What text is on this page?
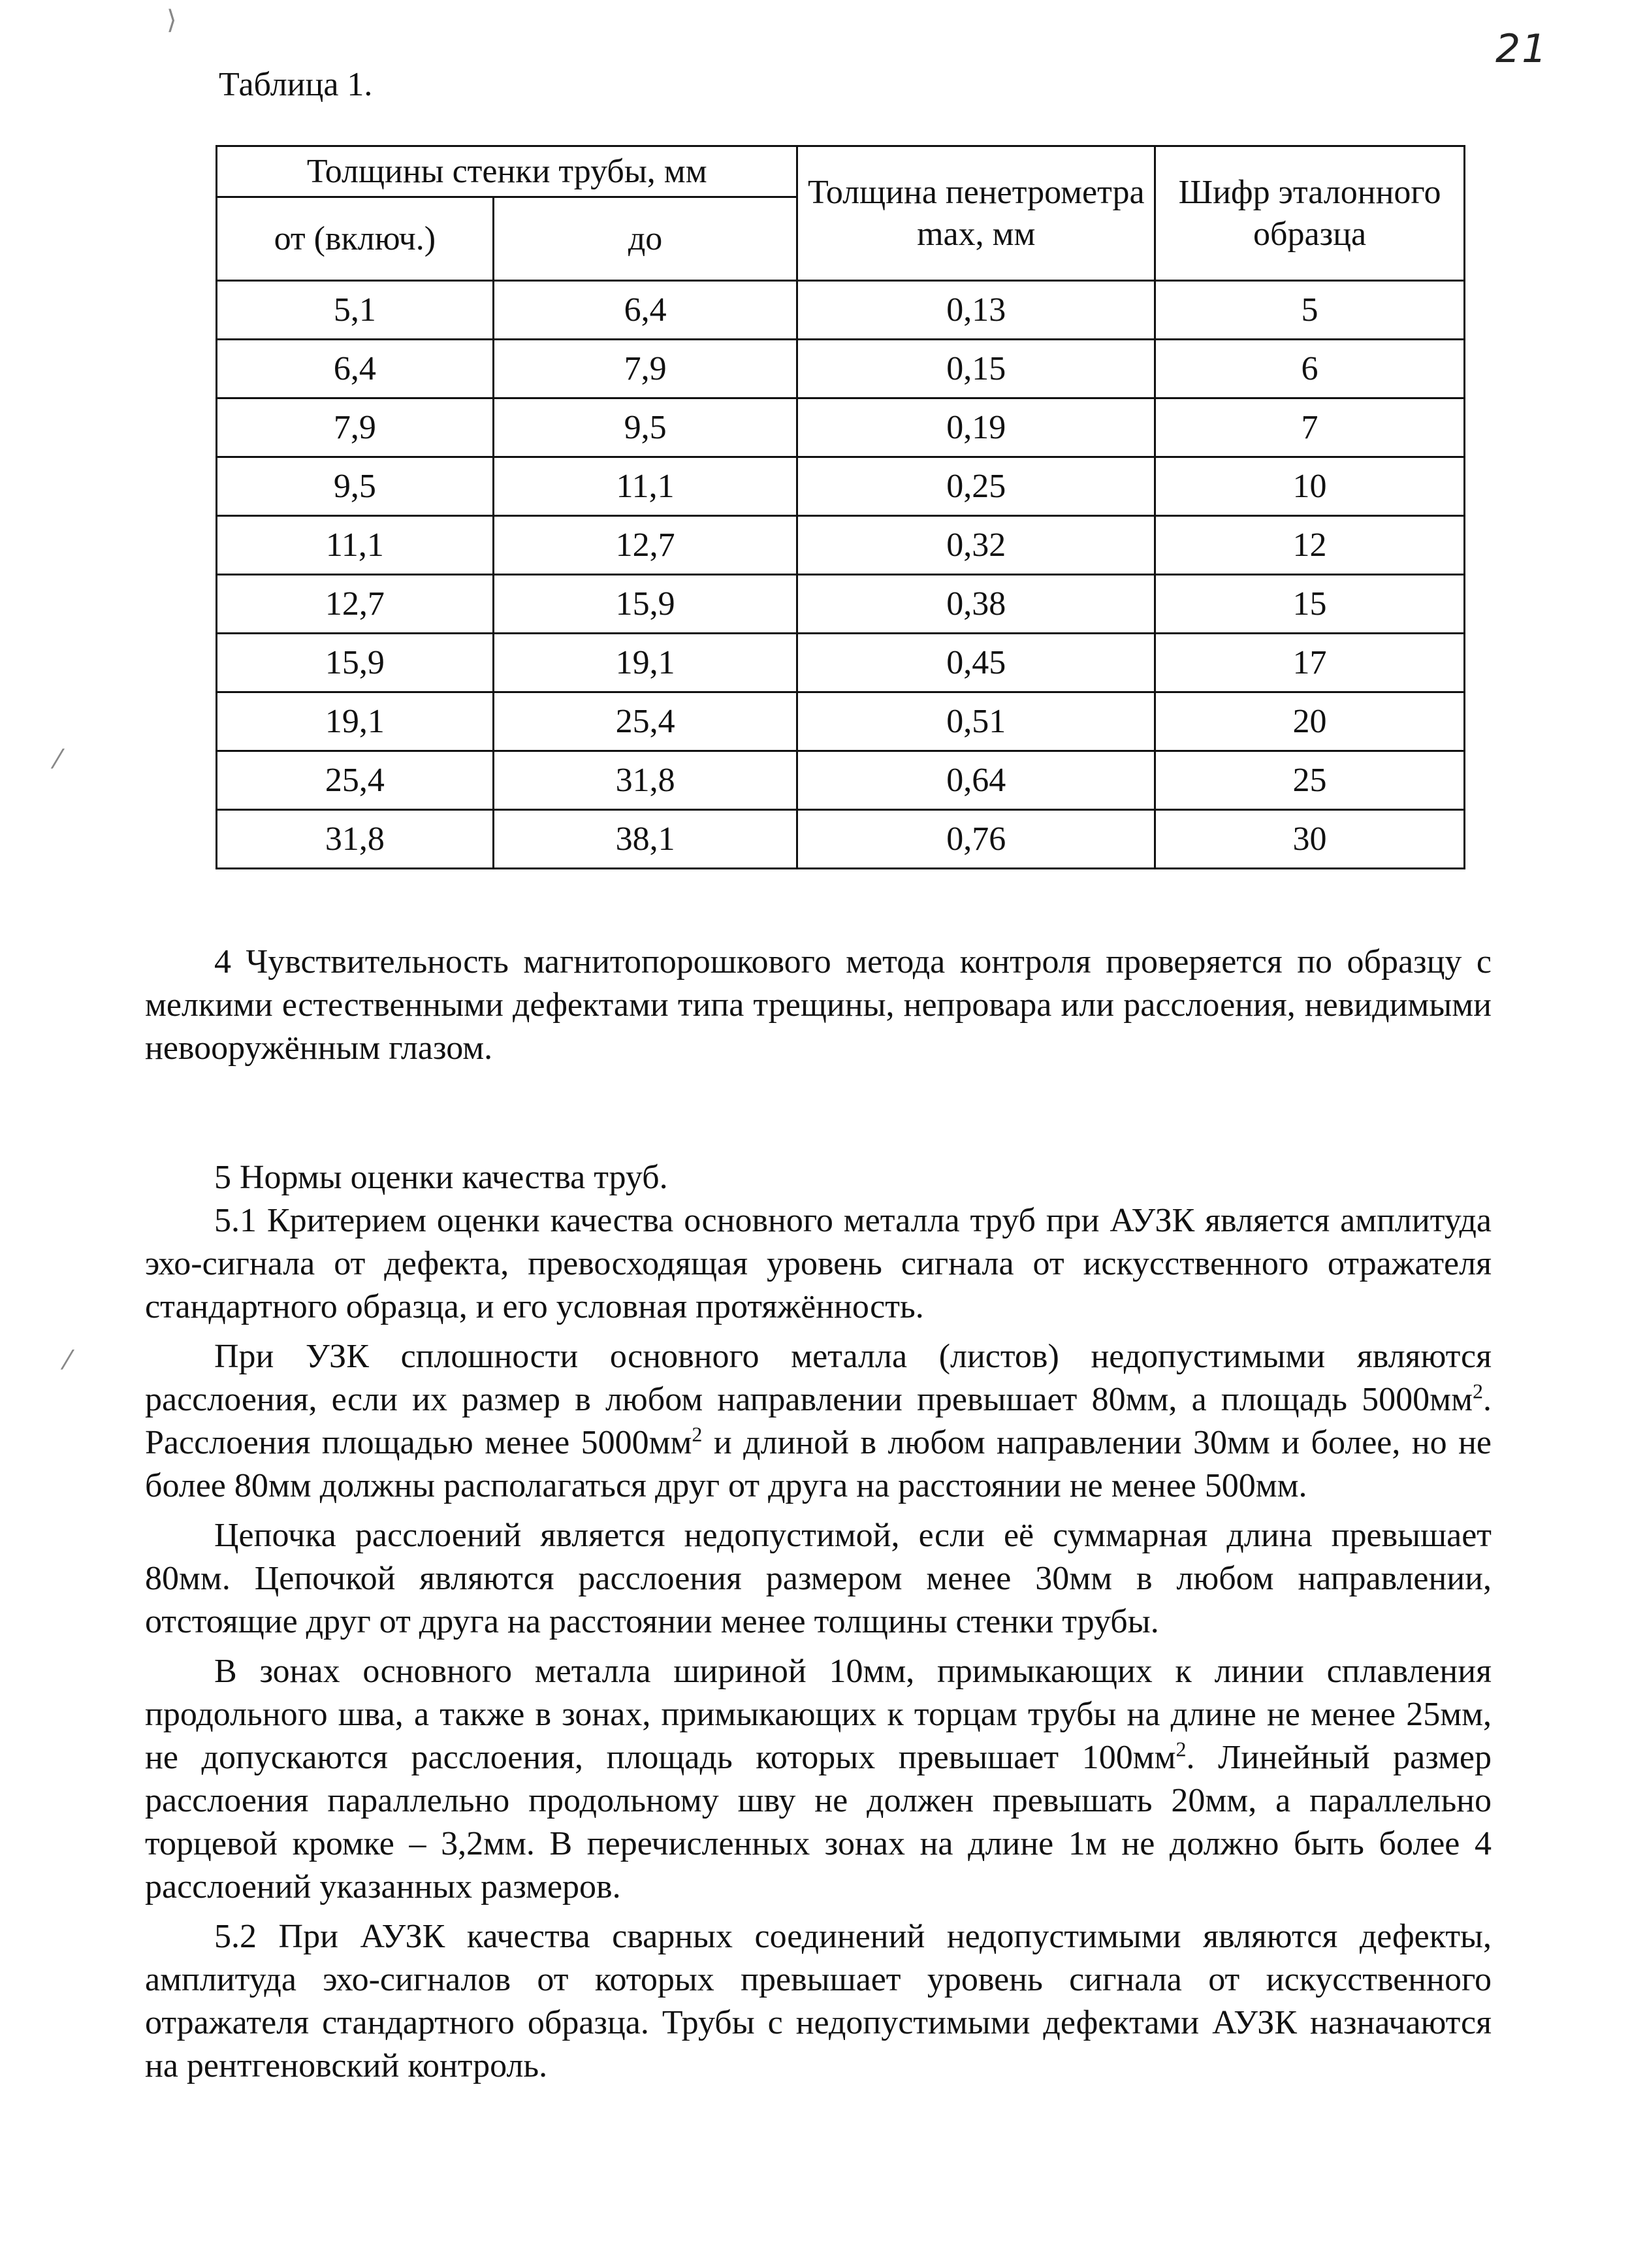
21
Таблица 1.
Толщины стенки трубы, мм		Толщина пенетрометра max, мм	Шифр эталонного образца
от (включ.)	до		
5,1	6,4	0,13	5
6,4	7,9	0,15	6
7,9	9,5	0,19	7
9,5	11,1	0,25	10
11,1	12,7	0,32	12
12,7	15,9	0,38	15
15,9	19,1	0,45	17
19,1	25,4	0,51	20
25,4	31,8	0,64	25
31,8	38,1	0,76	30

4 Чувствительность магнитопорошкового метода контроля проверяется по образцу с мелкими естественными дефектами типа трещины, непровара или расслоения, невидимыми невооружённым глазом.

5 Нормы оценки качества труб.

5.1 Критерием оценки качества основного металла труб при АУЗК является амплитуда эхо-сигнала от дефекта, превосходящая уровень сигнала от искусственного отражателя стандартного образца, и его условная протяжённость.

При УЗК сплошности основного металла (листов) недопустимыми являются расслоения, если их размер в любом направлении превышает 80мм, а площадь $5000мм^2$. Расслоения площадью менее $5000мм^2$ и длиной в любом направлении 30мм и более, но не более 80мм должны располагаться друг от друга на расстоянии не менее 500мм.

Цепочка расслоений является недопустимой, если её суммарная длина превышает 80мм. Цепочкой являются расслоения размером менее 30мм в любом направлении, отстоящие друг от друга на расстоянии менее толщины стенки трубы.

В зонах основного металла шириной 10мм, примыкающих к линии сплавления продольного шва, а также в зонах, примыкающих к торцам трубы на длине не менее 25мм, не допускаются расслоения, площадь которых превышает $100мм^2$. Линейный размер расслоения параллельно продольному шву не должен превышать 20мм, а параллельно торцевой кромке – 3,2мм. В перечисленных зонах на длине 1м не должно быть более 4 расслоений указанных размеров.

5.2 При АУЗК качества сварных соединений недопустимыми являются дефекты, амплитуда эхо-сигналов от которых превышает уровень сигнала от искусственного отражателя стандартного образца. Трубы с недопустимыми дефектами АУЗК назначаются на рентгеновский контроль.

⟩
⁄
⁄
